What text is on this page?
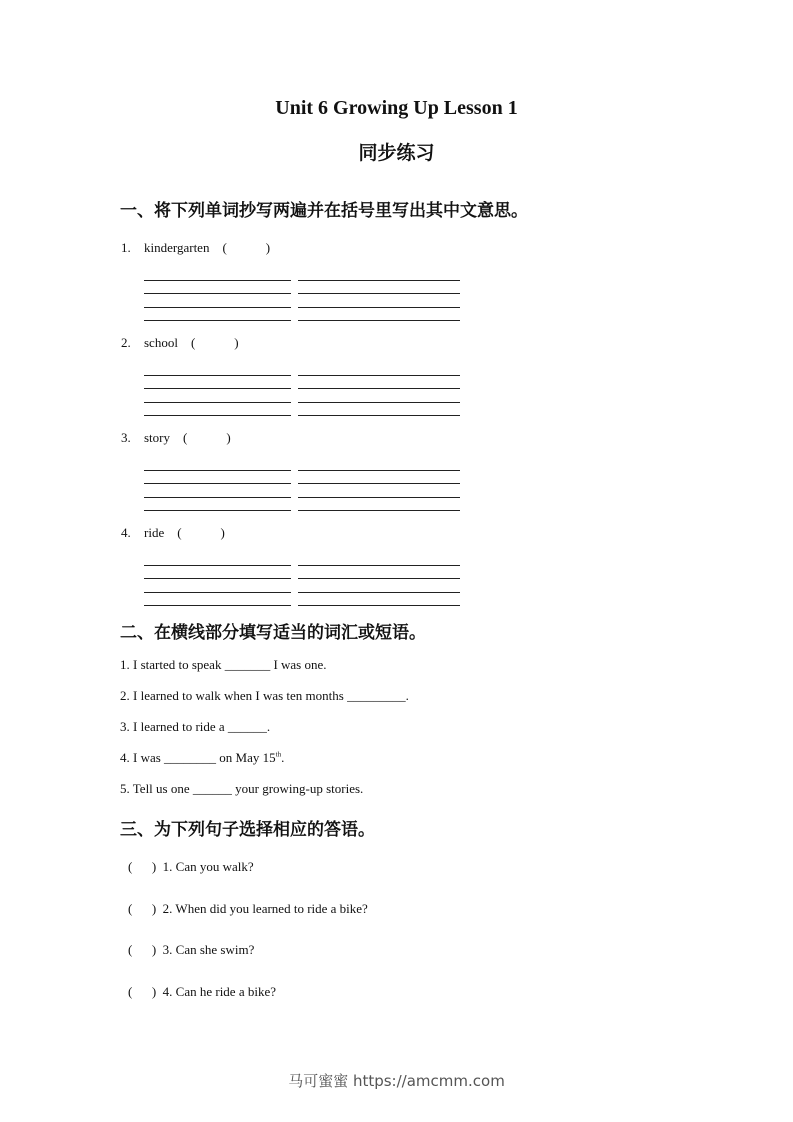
Unit 6 Growing Up Lesson 1
同步练习
一、将下列单词抄写两遍并在括号里写出其中文意思。
1. kindergarten (            )
2. school (            )
3. story (            )
4. ride (            )
二、在横线部分填写适当的词汇或短语。
1. I started to speak _______ I was one.
2. I learned to walk when I was ten months _________.
3. I learned to ride a ______.
4. I was ________ on May 15th.
5. Tell us one ______ your growing-up stories.
三、为下列句子选择相应的答语。
(      )  1. Can you walk?
(      )  2. When did you learned to ride a bike?
(      )  3. Can she swim?
(      )  4. Can he ride a bike?
马可蜜蜜 https://amcmm.com
